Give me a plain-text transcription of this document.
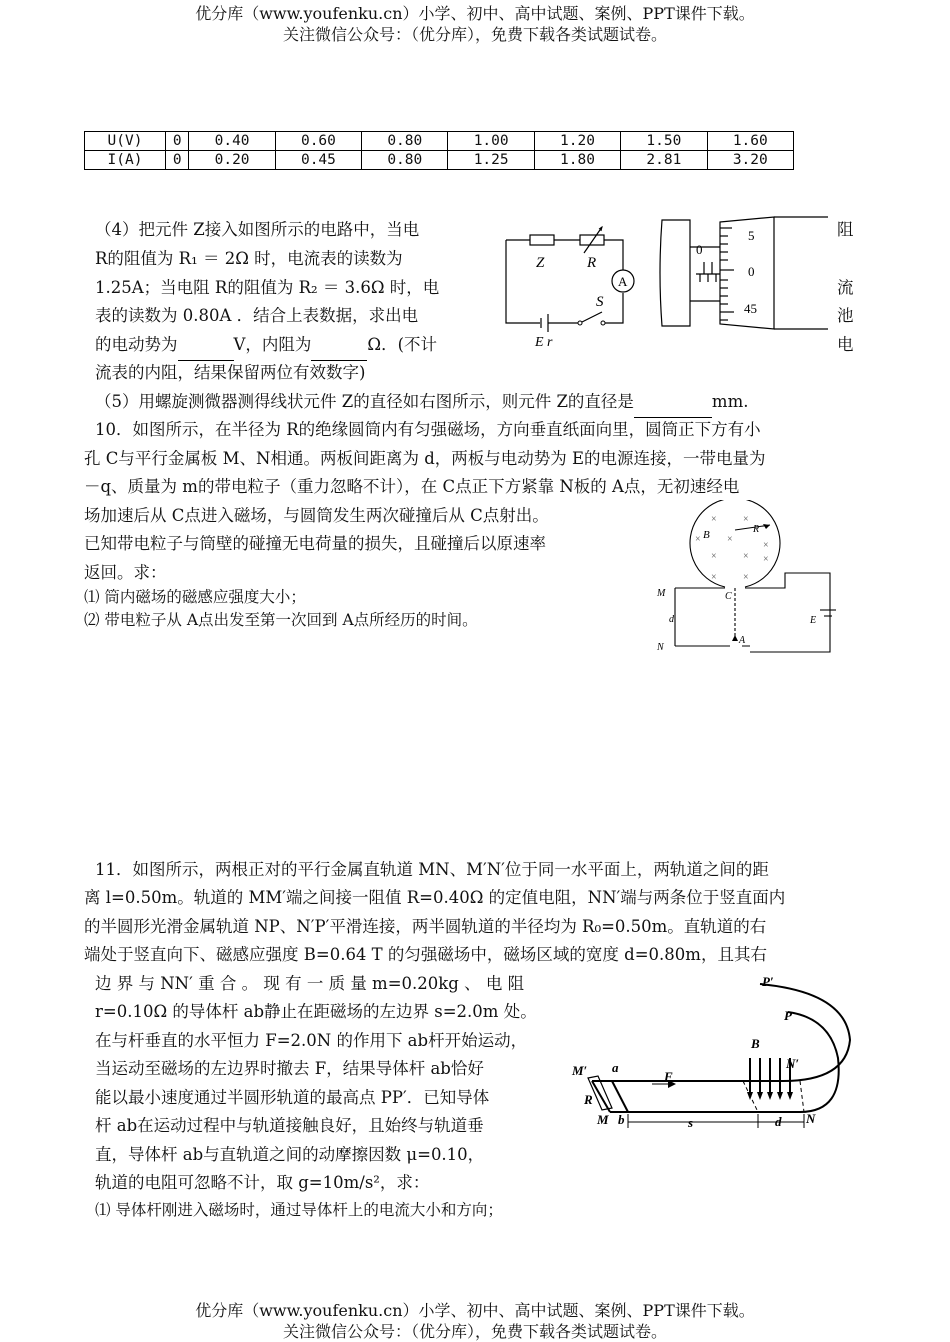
优分库（www.youfenku.cn）小学、初中、高中试题、案例、PPT课件下载。
关注微信公众号：（优分库），免费下载各类试题试卷。
U(V)	0	0.40	0.60	0.80	1.00	1.20	1.50	1.60
I(A)	0	0.20	0.45	0.80	1.25	1.80	2.81	3.20
（4）把元件 Z接入如图所示的电路中，当电
R的阻值为 R₁ ＝ 2Ω 时，电流表的读数为
1.25A；当电阻 R的阻值为 R₂ ＝ 3.6Ω 时，电
表的读数为 0.80A ．结合上表数据，求出电
的电动势为	V，内阻为	Ω．(不计
流表的内阻，结果保留两位有效数字)
阻
流
池
电
Z	R
A
S
E r
0
5
0
45
（5）用螺旋测微器测得线状元件 Z的直径如右图所示，则元件 Z的直径是	mm.
10．如图所示，在半径为 R的绝缘圆筒内有匀强磁场，方向垂直纸面向里，圆筒正下方有小
孔 C与平行金属板 M、N相通。两板间距离为 d，两板与电动势为 E的电源连接，一带电量为
－q、质量为 m的带电粒子（重力忽略不计），在 C点正下方紧靠 N板的 A点，无初速经电
场加速后从 C点进入磁场，与圆筒发生两次碰撞后从 C点射出。
已知带电粒子与筒壁的碰撞无电荷量的损失，且碰撞后以原速率
返回。求：
⑴ 筒内磁场的磁感应强度大小；
⑵ 带电粒子从 A点出发至第一次回到 A点所经历的时间。
×	×
×	×
×
×	× ×
×	×
B	R
M	C
d	E
N
A
11．如图所示，两根正对的平行金属直轨道 MN、M′N′位于同一水平面上，两轨道之间的距
离 l=0.50m。轨道的 MM′端之间接一阻值 R=0.40Ω 的定值电阻，NN′端与两条位于竖直面内
的半圆形光滑金属轨道 NP、N′P′平滑连接，两半圆轨道的半径均为 R₀=0.50m。直轨道的右
端处于竖直向下、磁感应强度 B=0.64 T 的匀强磁场中，磁场区域的宽度 d=0.80m，且其右
边 界 与 NN′ 重 合 。 现 有 一 质 量 m=0.20kg 、 电 阻
r=0.10Ω 的导体杆 ab静止在距磁场的左边界 s=2.0m 处。
在与杆垂直的水平恒力 F=2.0N 的作用下 ab杆开始运动，
当运动至磁场的左边界时撤去 F，结果导体杆 ab恰好
能以最小速度通过半圆形轨道的最高点 PP′．已知导体
杆 ab在运动过程中与轨道接触良好，且始终与轨道垂
直，导体杆 ab与直轨道之间的动摩擦因数 μ=0.10，
轨道的电阻可忽略不计，取 g=10m/s²，求：
⑴ 导体杆刚进入磁场时，通过导体杆上的电流大小和方向；
P′
P
B
N′
M′ a
F
R
M b	s	d N
优分库（www.youfenku.cn）小学、初中、高中试题、案例、PPT课件下载。
关注微信公众号：（优分库），免费下载各类试题试卷。
